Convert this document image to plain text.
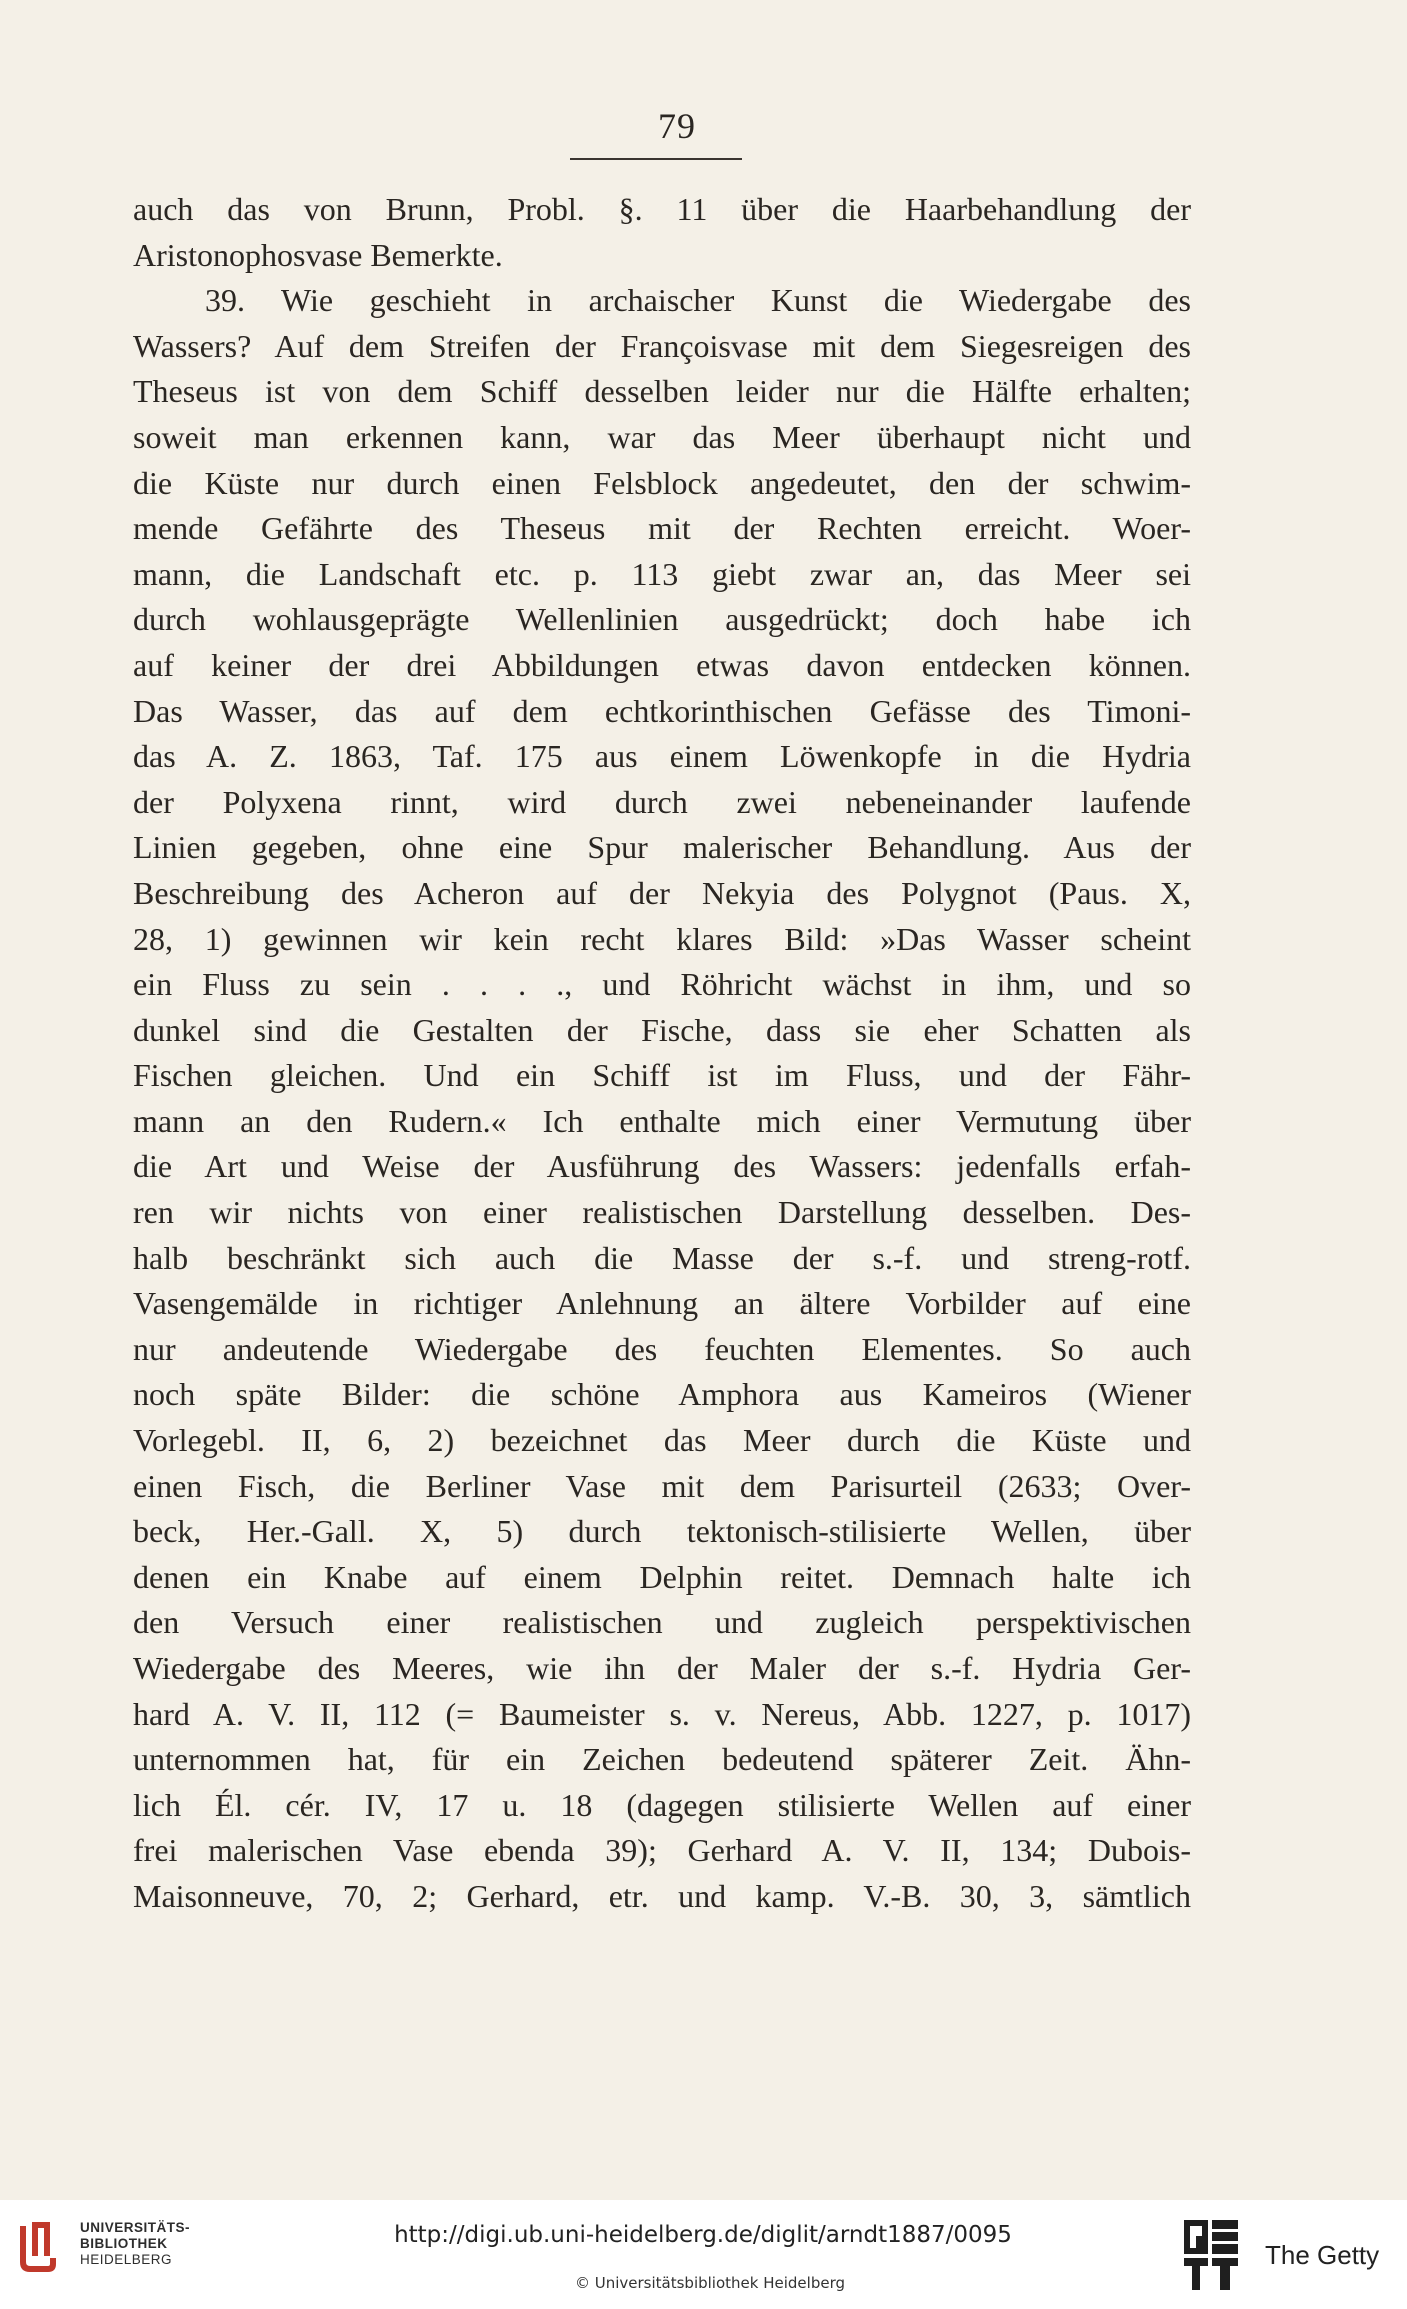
79
auch das von Brunn, Probl. §. 11 über die Haarbehandlung der
Aristonophosvase Bemerkte.
39. Wie geschieht in archaischer Kunst die Wiedergabe des
Wassers? Auf dem Streifen der Françoisvase mit dem Siegesreigen des
Theseus ist von dem Schiff desselben leider nur die Hälfte erhalten;
soweit man erkennen kann, war das Meer überhaupt nicht und
die Küste nur durch einen Felsblock angedeutet, den der schwim-
mende Gefährte des Theseus mit der Rechten erreicht. Woer-
mann, die Landschaft etc. p. 113 giebt zwar an, das Meer sei
durch wohlausgeprägte Wellenlinien ausgedrückt; doch habe ich
auf keiner der drei Abbildungen etwas davon entdecken können.
Das Wasser, das auf dem echtkorinthischen Gefässe des Timoni-
das A. Z. 1863, Taf. 175 aus einem Löwenkopfe in die Hydria
der Polyxena rinnt, wird durch zwei nebeneinander laufende
Linien gegeben, ohne eine Spur malerischer Behandlung. Aus der
Beschreibung des Acheron auf der Nekyia des Polygnot (Paus. X,
28, 1) gewinnen wir kein recht klares Bild: »Das Wasser scheint
ein Fluss zu sein . . . ., und Röhricht wächst in ihm, und so
dunkel sind die Gestalten der Fische, dass sie eher Schatten als
Fischen gleichen. Und ein Schiff ist im Fluss, und der Fähr-
mann an den Rudern.« Ich enthalte mich einer Vermutung über
die Art und Weise der Ausführung des Wassers: jedenfalls erfah-
ren wir nichts von einer realistischen Darstellung desselben. Des-
halb beschränkt sich auch die Masse der s.-f. und streng-rotf.
Vasengemälde in richtiger Anlehnung an ältere Vorbilder auf eine
nur andeutende Wiedergabe des feuchten Elementes. So auch
noch späte Bilder: die schöne Amphora aus Kameiros (Wiener
Vorlegebl. II, 6, 2) bezeichnet das Meer durch die Küste und
einen Fisch, die Berliner Vase mit dem Parisurteil (2633; Over-
beck, Her.-Gall. X, 5) durch tektonisch-stilisierte Wellen, über
denen ein Knabe auf einem Delphin reitet. Demnach halte ich
den Versuch einer realistischen und zugleich perspektivischen
Wiedergabe des Meeres, wie ihn der Maler der s.-f. Hydria Ger-
hard A. V. II, 112 (= Baumeister s. v. Nereus, Abb. 1227, p. 1017)
unternommen hat, für ein Zeichen bedeutend späterer Zeit. Ähn-
lich Él. cér. IV, 17 u. 18 (dagegen stilisierte Wellen auf einer
frei malerischen Vase ebenda 39); Gerhard A. V. II, 134; Dubois-
Maisonneuve, 70, 2; Gerhard, etr. und kamp. V.-B. 30, 3, sämtlich
UNIVERSITÄTS-
BIBLIOTHEK
HEIDELBERG
http://digi.ub.uni-heidelberg.de/diglit/arndt1887/0095
© Universitätsbibliothek Heidelberg
The Getty
